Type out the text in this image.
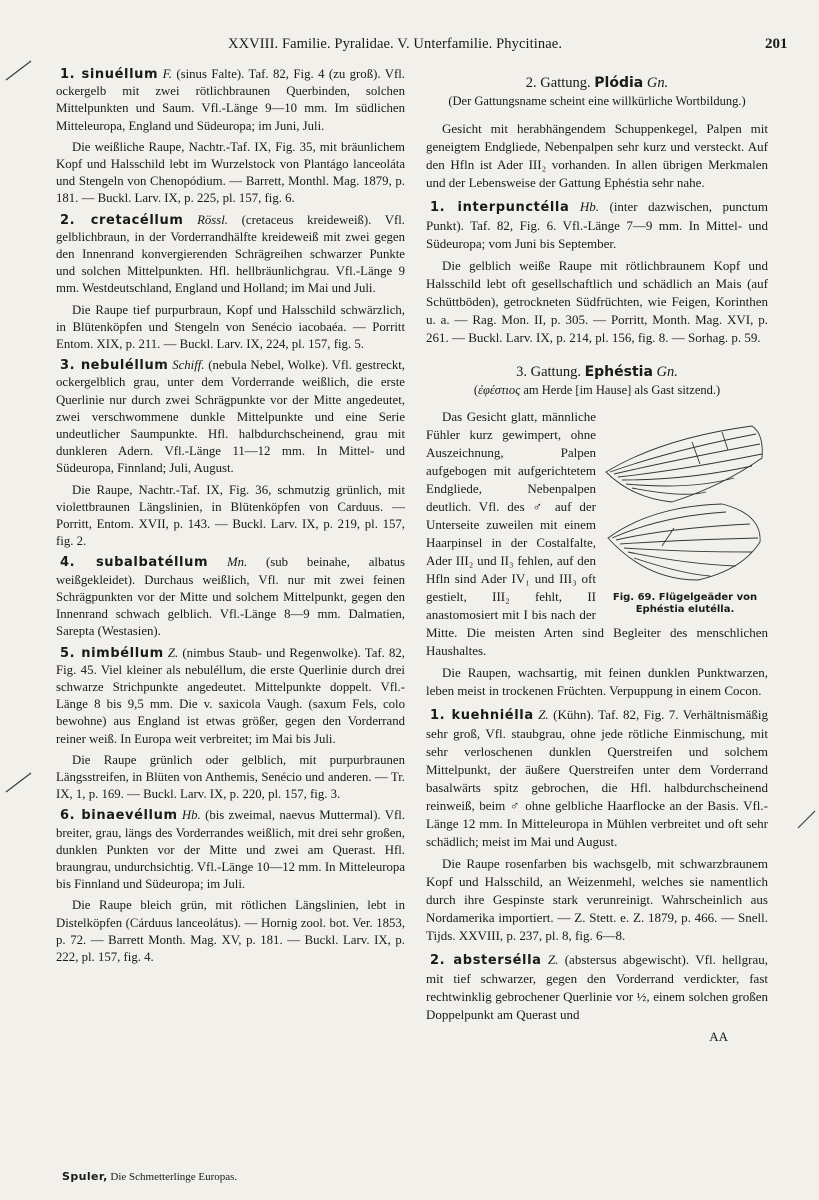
XXVIII. Familie. Pyralidae. V. Unterfamilie. Phycitinae.	201
1. sinuéllum F. (sinus Falte). Taf. 82, Fig. 4 (zu groß). Vfl. ockergelb mit zwei rötlichbraunen Querbinden, solchen Mittelpunkten und Saum. Vfl.-Länge 9—10 mm. Im südlichen Mitteleuropa, England und Südeuropa; im Juni, Juli.
Die weißliche Raupe, Nachtr.-Taf. IX, Fig. 35, mit bräunlichem Kopf und Halsschild lebt im Wurzelstock von Plantágo lanceoláta und Stengeln von Chenopódium. — Barrett, Monthl. Mag. 1879, p. 181. — Buckl. Larv. IX, p. 225, pl. 157, fig. 6.
2. cretacéllum Rössl. (cretaceus kreideweiß). Vfl. gelblichbraun, in der Vorderrandhälfte kreideweiß mit zwei gegen den Innenrand konvergierenden Schrägreihen schwarzer Punkte und solchen Mittelpunkten. Hfl. hellbräunlichgrau. Vfl.-Länge 9 mm. Westdeutschland, England und Holland; im Mai und Juli.
Die Raupe tief purpurbraun, Kopf und Halsschild schwärzlich, in Blütenköpfen und Stengeln von Senécio iacobaéa. — Porritt Entom. XIX, p. 211. — Buckl. Larv. IX, 224, pl. 157, fig. 5.
3. nebuléllum Schiff. (nebula Nebel, Wolke). Vfl. gestreckt, ockergelblich grau, unter dem Vorderrande weißlich, die erste Querlinie nur durch zwei Schrägpunkte vor der Mitte angedeutet, zwei verschwommene dunkle Mittelpunkte und eine Serie undeutlicher Saumpunkte. Hfl. halbdurchscheinend, grau mit dunkleren Adern. Vfl.-Länge 11—12 mm. In Mittel- und Südeuropa, Finnland; Juli, August.
Die Raupe, Nachtr.-Taf. IX, Fig. 36, schmutzig grünlich, mit violettbraunen Längslinien, in Blütenköpfen von Carduus. — Porritt, Entom. XVII, p. 143. — Buckl. Larv. IX, p. 219, pl. 157, fig. 2.
4. subalbatéllum Mn. (sub beinahe, albatus weißgekleidet). Durchaus weißlich, Vfl. nur mit zwei feinen Schrägpunkten vor der Mitte und solchem Mittelpunkt, gegen den Innenrand schwach gelblich. Vfl.-Länge 8—9 mm. Dalmatien, Sarepta (Westasien).
5. nimbéllum Z. (nimbus Staub- und Regenwolke). Taf. 82, Fig. 45. Viel kleiner als nebuléllum, die erste Querlinie durch drei schwarze Strichpunkte angedeutet. Mittelpunkte doppelt. Vfl.-Länge 8 bis 9,5 mm. Die v. saxicola Vaugh. (saxum Fels, colo bewohne) aus England ist etwas größer, gegen den Vorderrand reiner weiß. In Europa weit verbreitet; im Mai bis Juli.
Die Raupe grünlich oder gelblich, mit purpurbraunen Längsstreifen, in Blüten von Anthemis, Senécio und anderen. — Tr. IX, 1, p. 169. — Buckl. Larv. IX, p. 220, pl. 157, fig. 3.
6. binaevéllum Hb. (bis zweimal, naevus Muttermal). Vfl. breiter, grau, längs des Vorderrandes weißlich, mit drei sehr großen, dunklen Punkten vor der Mitte und zwei am Querast. Hfl. braungrau, undurchsichtig. Vfl.-Länge 10—12 mm. In Mitteleuropa bis Finnland und Südeuropa; im Juli.
Die Raupe bleich grün, mit rötlichen Längslinien, lebt in Distelköpfen (Cárduus lanceolátus). — Hornig zool. bot. Ver. 1853, p. 72. — Barrett Month. Mag. XV, p. 181. — Buckl. Larv. IX, p. 222, pl. 157, fig. 4.
2. Gattung. Plódia Gn.
(Der Gattungsname scheint eine willkürliche Wortbildung.)
Gesicht mit herabhängendem Schuppenkegel, Palpen mit geneigtem Endgliede, Nebenpalpen sehr kurz und versteckt. Auf den Hfln ist Ader III₂ vorhanden. In allen übrigen Merkmalen und der Lebensweise der Gattung Ephéstia sehr nahe.
1. interpunctélla Hb. (inter dazwischen, punctum Punkt). Taf. 82, Fig. 6. Vfl.-Länge 7—9 mm. In Mittel- und Südeuropa; vom Juni bis September.
Die gelblich weiße Raupe mit rötlichbraunem Kopf und Halsschild lebt oft gesellschaftlich und schädlich an Mais (auf Schüttböden), getrockneten Südfrüchten, wie Feigen, Korinthen u. a. — Rag. Mon. II, p. 305. — Porritt, Month. Mag. XVI, p. 261. — Buckl. Larv. IX, p. 214, pl. 156, fig. 8. — Sorhag. p. 59.
3. Gattung. Ephéstia Gn.
(ἐφέστιος am Herde [im Hause] als Gast sitzend.)
Fig. 69. Flügelgeäder von Ephéstia elutélla.
Das Gesicht glatt, männliche Fühler kurz gewimpert, ohne Auszeichnung, Palpen aufgebogen mit aufgerichtetem Endgliede, Nebenpalpen deutlich. Vfl. des ♂ auf der Unterseite zuweilen mit einem Haarpinsel in der Costalfalte, Ader III₂ und II₃ fehlen, auf den Hfln sind Ader IV₁ und III₃ oft gestielt, III₂ fehlt, II anastomosiert mit I bis nach der Mitte. Die meisten Arten sind Begleiter des menschlichen Haushaltes.
Die Raupen, wachsartig, mit feinen dunklen Punktwarzen, leben meist in trockenen Früchten. Verpuppung in einem Cocon.
1. kuehniélla Z. (Kühn). Taf. 82, Fig. 7. Verhältnismäßig sehr groß, Vfl. staubgrau, ohne jede rötliche Einmischung, mit sehr verloschenen dunklen Querstreifen und solchem Mittelpunkt, der äußere Querstreifen unter dem Vorderrand basalwärts spitz gebrochen, die Hfl. halbdurchscheinend reinweiß, beim ♂ ohne gelbliche Haarflocke an der Basis. Vfl.-Länge 12 mm. In Mitteleuropa in Mühlen verbreitet und oft sehr schädlich; meist im Mai und August.
Die Raupe rosenfarben bis wachsgelb, mit schwarzbraunem Kopf und Halsschild, an Weizenmehl, welches sie namentlich durch ihre Gespinste stark verunreinigt. Wahrscheinlich aus Nordamerika importiert. — Z. Stett. e. Z. 1879, p. 466. — Snell. Tijds. XXVIII, p. 237, pl. 8, fig. 6—8.
2. abstersélla Z. (abstersus abgewischt). Vfl. hellgrau, mit tief schwarzer, gegen den Vorderrand verdickter, fast rechtwinklig gebrochener Querlinie vor ½, einem solchen großen Doppelpunkt am Querast und
AA
Spuler, Die Schmetterlinge Europas.
